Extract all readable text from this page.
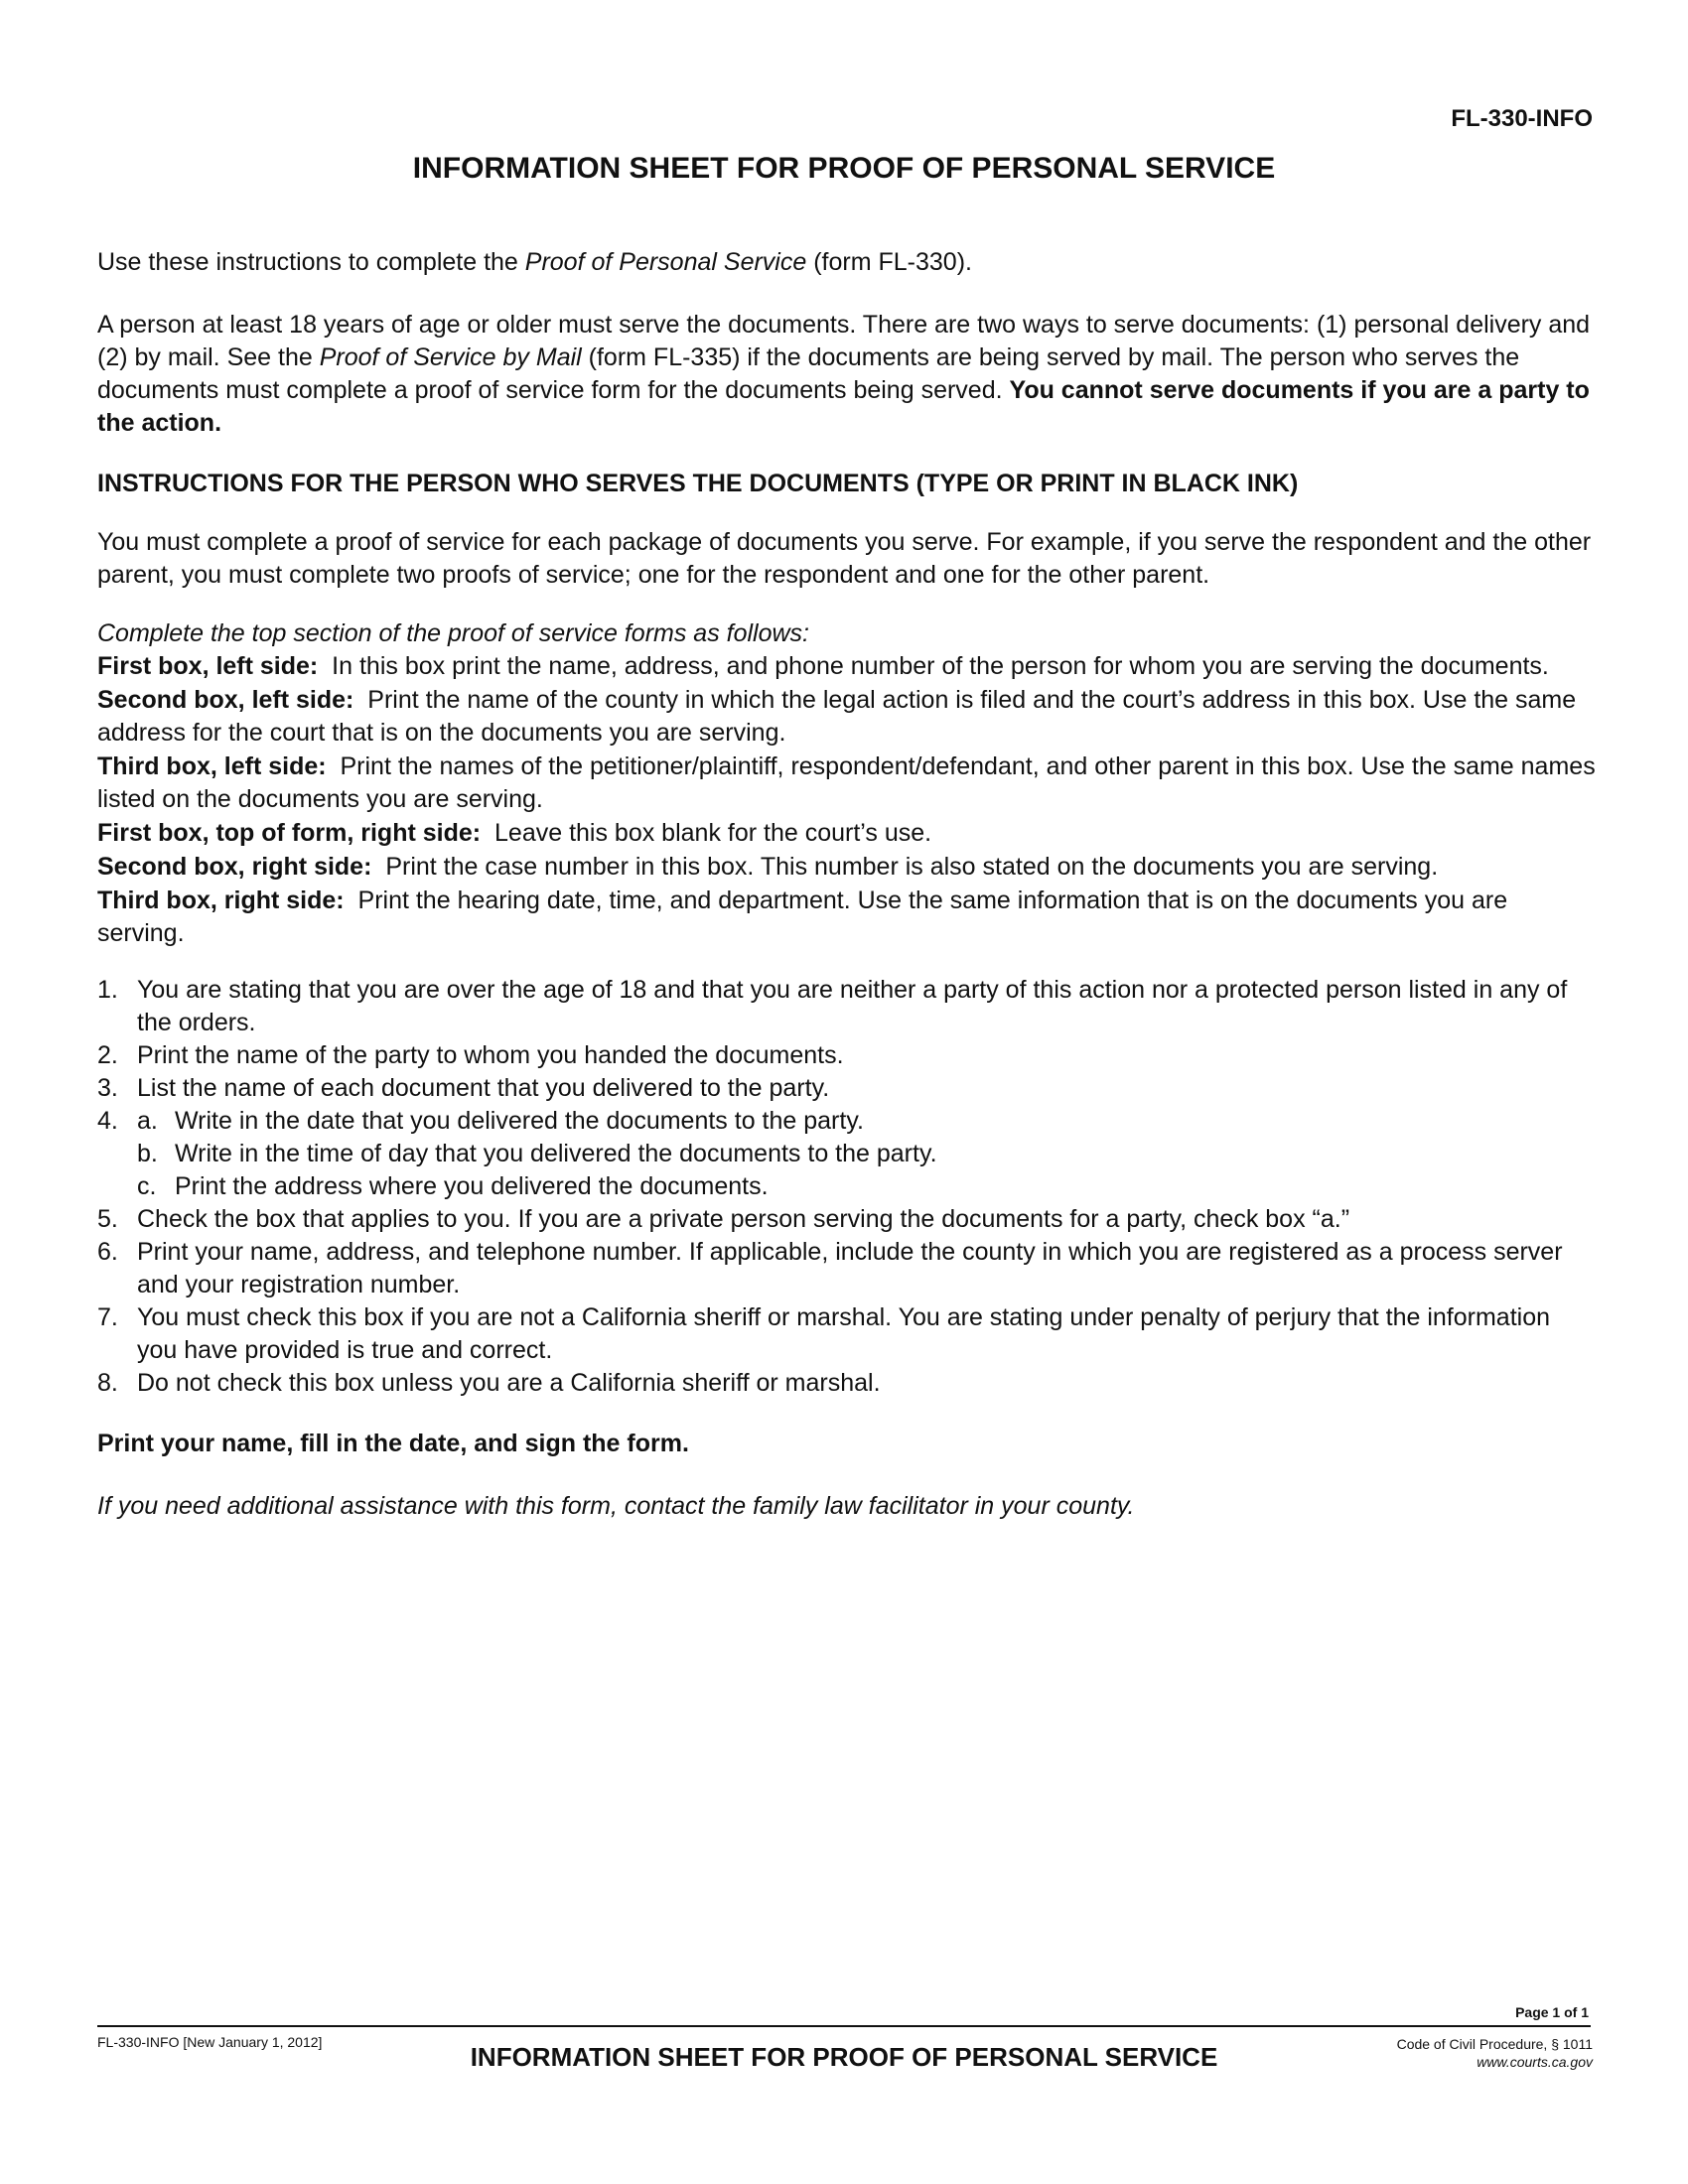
FL-330-INFO
INFORMATION SHEET FOR PROOF OF PERSONAL SERVICE

Use these instructions to complete the Proof of Personal Service (form FL-330).

A person at least 18 years of age or older must serve the documents. There are two ways to serve documents: (1) personal delivery and (2) by mail. See the Proof of Service by Mail (form FL-335) if the documents are being served by mail. The person who serves the documents must complete a proof of service form for the documents being served. You cannot serve documents if you are a party to the action.

INSTRUCTIONS FOR THE PERSON WHO SERVES THE DOCUMENTS (TYPE OR PRINT IN BLACK INK)

You must complete a proof of service for each package of documents you serve. For example, if you serve the respondent and the other parent, you must complete two proofs of service; one for the respondent and one for the other parent.

Complete the top section of the proof of service forms as follows:

First box, left side: In this box print the name, address, and phone number of the person for whom you are serving the documents.

Second box, left side: Print the name of the county in which the legal action is filed and the court’s address in this box. Use the same address for the court that is on the documents you are serving.

Third box, left side: Print the names of the petitioner/plaintiff, respondent/defendant, and other parent in this box. Use the same names listed on the documents you are serving.

First box, top of form, right side: Leave this box blank for the court’s use.

Second box, right side: Print the case number in this box. This number is also stated on the documents you are serving.

Third box, right side: Print the hearing date, time, and department. Use the same information that is on the documents you are serving.

1. You are stating that you are over the age of 18 and that you are neither a party of this action nor a protected person listed in any of the orders.
2. Print the name of the party to whom you handed the documents.
3. List the name of each document that you delivered to the party.
4. a. Write in the date that you delivered the documents to the party.
b. Write in the time of day that you delivered the documents to the party.
c. Print the address where you delivered the documents.
5. Check the box that applies to you. If you are a private person serving the documents for a party, check box “a.”
6. Print your name, address, and telephone number. If applicable, include the county in which you are registered as a process server and your registration number.
7. You must check this box if you are not a California sheriff or marshal. You are stating under penalty of perjury that the information you have provided is true and correct.
8. Do not check this box unless you are a California sheriff or marshal.

Print your name, fill in the date, and sign the form.

If you need additional assistance with this form, contact the family law facilitator in your county.

Page 1 of 1
FL-330-INFO [New January 1, 2012]	INFORMATION SHEET FOR PROOF OF PERSONAL SERVICE	Code of Civil Procedure, § 1011
www.courts.ca.gov
